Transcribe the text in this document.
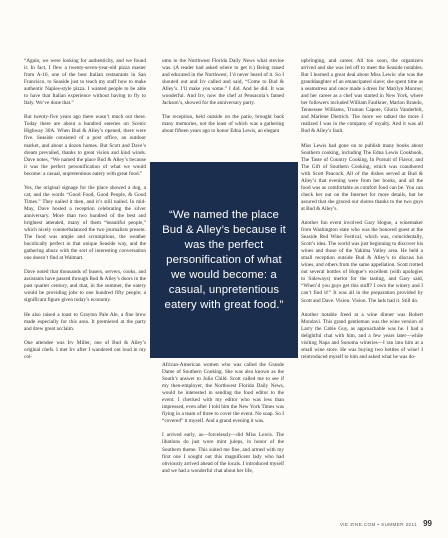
“Again, we were looking for authenticity, and we found it. In fact, I flew a twenty-seven-year-old pizza master from A-16, one of the best Italian restaurants in San Francisco, to Seaside just to teach my staff how to make authentic Naples-style pizza. I wanted people to be able to have that Italian experience without having to fly to Italy. We’ve done that.”

But twenty-five years ago there wasn’t much out there. Today there are about a hundred eateries on Scenic Highway 30A. When Bud & Alley’s opened, there were five. Seaside consisted of a post office, an outdoor market, and about a dozen homes. But Scott and Dave’s dream prevailed, thanks to great vision and kind winds. Dave notes, “We named the place Bud & Alley’s because it was the perfect personification of what we would become: a casual, unpretentious eatery with great food.”

Yes, the original signage for the place showed a dog, a cat, and the words “Good Food, Good People, & Good Times.” They nailed it then, and it’s still nailed. In mid-May, Dave hosted a reception celebrating the silver anniversary. More than two hundred of the best and brightest attended, many of them “beautiful people,” which nicely counterbalanced the two journalists present. The food was ample and scrumptious, the weather bucolically perfect in that unique Seaside way, and the gathering abuzz with the sort of interesting conversation one doesn’t find at Walmart.

Dave noted that thousands of busers, servers, cooks, and assistants have passed through Bud & Alley’s doors in the past quarter century, and that, in the summer, the eatery would be providing jobs to one hundred fifty people; a significant figure given today’s economy.

He also raised a toast to Grayton Pale Ale, a fine brew made especially for this area. It premiered at the party and drew great acclaim.

One attendee was Irv Miller, one of Bud & Alley’s original chefs. I met Irv after I wandered out loud in my col-

umn in the Northwest Florida Daily News what stevloe was. (A reader had asked where to get it.) Being raised and educated in the Northwest, I’d never heard of it. So I shouted out and Irv called and said, “Come to Bud & Alley’s. I’ll make you some.” I did. And he did. It was wonderful. And Irv, now the chef at Pensacola’s famed Jackson’s, showed for the anniversary party.

The reception, held outside on the patio, brought back many memories, not the least of which was a gathering about fifteen years ago to honor Edna Lewis, an elegant

“We named the place Bud & Alley’s because it was the perfect personification of what we would become: a casual, unpretentious eatery with great food.”

African-American women who was called the Grande Dame of Southern Cooking. She was also known as the South’s answer to Julia Child. Scott called me to see if my then-employer, the Northwest Florida Daily News, would be interested in sending the food editor to the event. I checked with my editor who was less than impressed, even after I told him the New York Times was flying in a team of three to cover the event. No soap. So I “covered” it myself. And a grand evening it was.

I arrived early, as—forcelessly—did Miss Lewis. The libations do just wore mint juleps, in honor of the Southern theme. This suited me fine, and armed with my first one I sought out this magnificent lady who had obviously arrived ahead of the locals. I introduced myself and we had a wonderful chat about her life,

upbringing, and career. All too soon, the organizers arrived and she was led off to meet the Seaside notables. But I learned a great deal about Miss Lewis: she was the granddaughter of an emancipated slave; she spent time as a seamstress and once made a dress for Marilyn Monroe; and her career as a chef was started in New York, where her followers included William Faulkner, Marlon Brando, Tennessee Williams, Truman Capote, Gloria Vanderbilt, and Marlene Dietrich. The more we talked the more I realized I was in the company of royalty. And it was all Bud & Alley’s fault.

Miss Lewis had gone on to publish many books about Southern cooking, including The Edna Lewis Cookbook, The Taste of Country Cooking, In Pursuit of Flavor, and The Gift of Southern Cooking, which was coauthored with Scott Peacock. All of the dishes served at Bud & Alley’s that evening were from her books, and all the food was as comfortable as comfort food can be. You can check her out on the Internet for more details, but be assured that she graced our shores thanks to the two guys at Bud & Alley’s.

Another fun event involved Gary Hogue, a winemaker from Washington state who was the honored guest at the Seaside Red Wine Festival, which was, coincidentally, Scott’s idea. The world was just beginning to discover his wines and those of the Yakima Valley area. He held a small reception outside Bud & Alley’s to discuss his wines, and others from the same appellation. Scott trotted out several bottles of Hogue’s excellent (with apologies to Sideways) merlot for the tasting, and Gary said, “When’d you guys get this stuff? I own the winery and I can’t find it!” It was all in the preparation provided by Scott and Dave. Vision. Vision. The lads had it. Still do.

Another notable freed at a wine dinner was Robert Mondavi. This grand gentleman was the wine version of Larry the Cable Guy, as approachable was he. I had a delightful chat with him, and a few years later—while visiting Napa and Sonoma wineries—I ran into him at a small wine store. He was buying two bottles of wine! I reintroduced myself to him and asked what he was do-

VIE ZINE.COM • SUMMER 2011 99
